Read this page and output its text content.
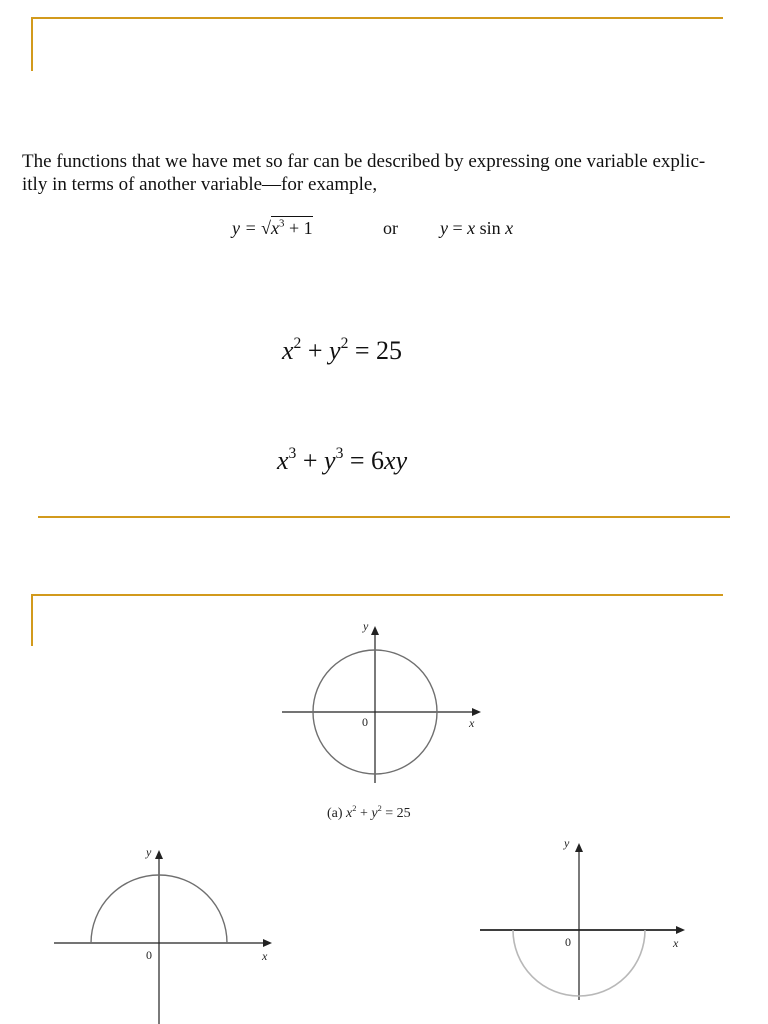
The functions that we have met so far can be described by expressing one variable explic-
itly in terms of another variable—for example,
$y = √x^3 + 1$	or y = x sin x
$x^2 + y^2 = 25$
$x^3 + y^3 = 6xy$
y
x
0
(a) $x^2 + y^2 = 25$
y
x
0
y
x
0
